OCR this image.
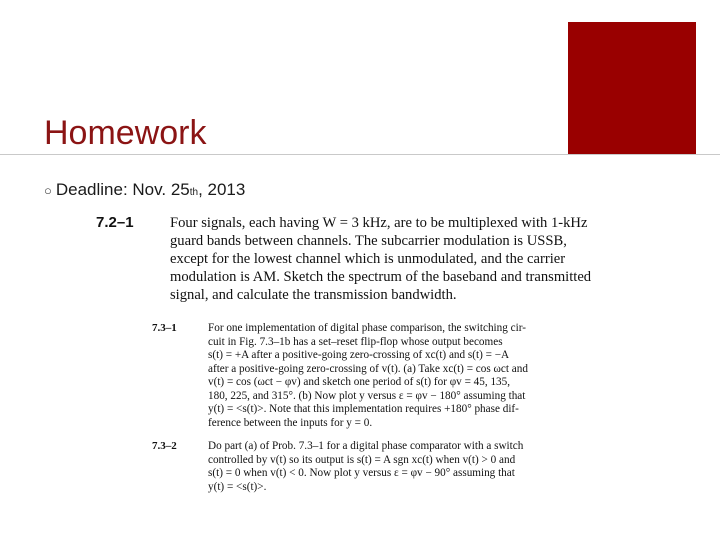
Homework
○ Deadline: Nov. 25 th , 2013
7.2–1	Four signals, each having W = 3 kHz, are to be multiplexed with 1-kHz
guard bands between channels. The subcarrier modulation is USSB,
except for the lowest channel which is unmodulated, and the carrier
modulation is AM. Sketch the spectrum of the baseband and transmitted
signal, and calculate the transmission bandwidth.
7.3–1	For one implementation of digital phase comparison, the switching cir-
cuit in Fig. 7.3–1b has a set–reset flip-flop whose output becomes
s(t) = +A after a positive-going zero-crossing of xc(t) and s(t) = −A
after a positive-going zero-crossing of v(t). (a) Take xc(t) = cos ωct and
v(t) = cos (ωct − φv) and sketch one period of s(t) for φv = 45, 135,
180, 225, and 315°. (b) Now plot y versus ε = φv − 180° assuming that
y(t) = <s(t)>. Note that this implementation requires +180° phase dif-
ference between the inputs for y = 0.
7.3–2	Do part (a) of Prob. 7.3–1 for a digital phase comparator with a switch
controlled by v(t) so its output is s(t) = A sgn xc(t) when v(t) > 0 and
s(t) = 0 when v(t) < 0. Now plot y versus ε = φv − 90° assuming that
y(t) = <s(t)>.
